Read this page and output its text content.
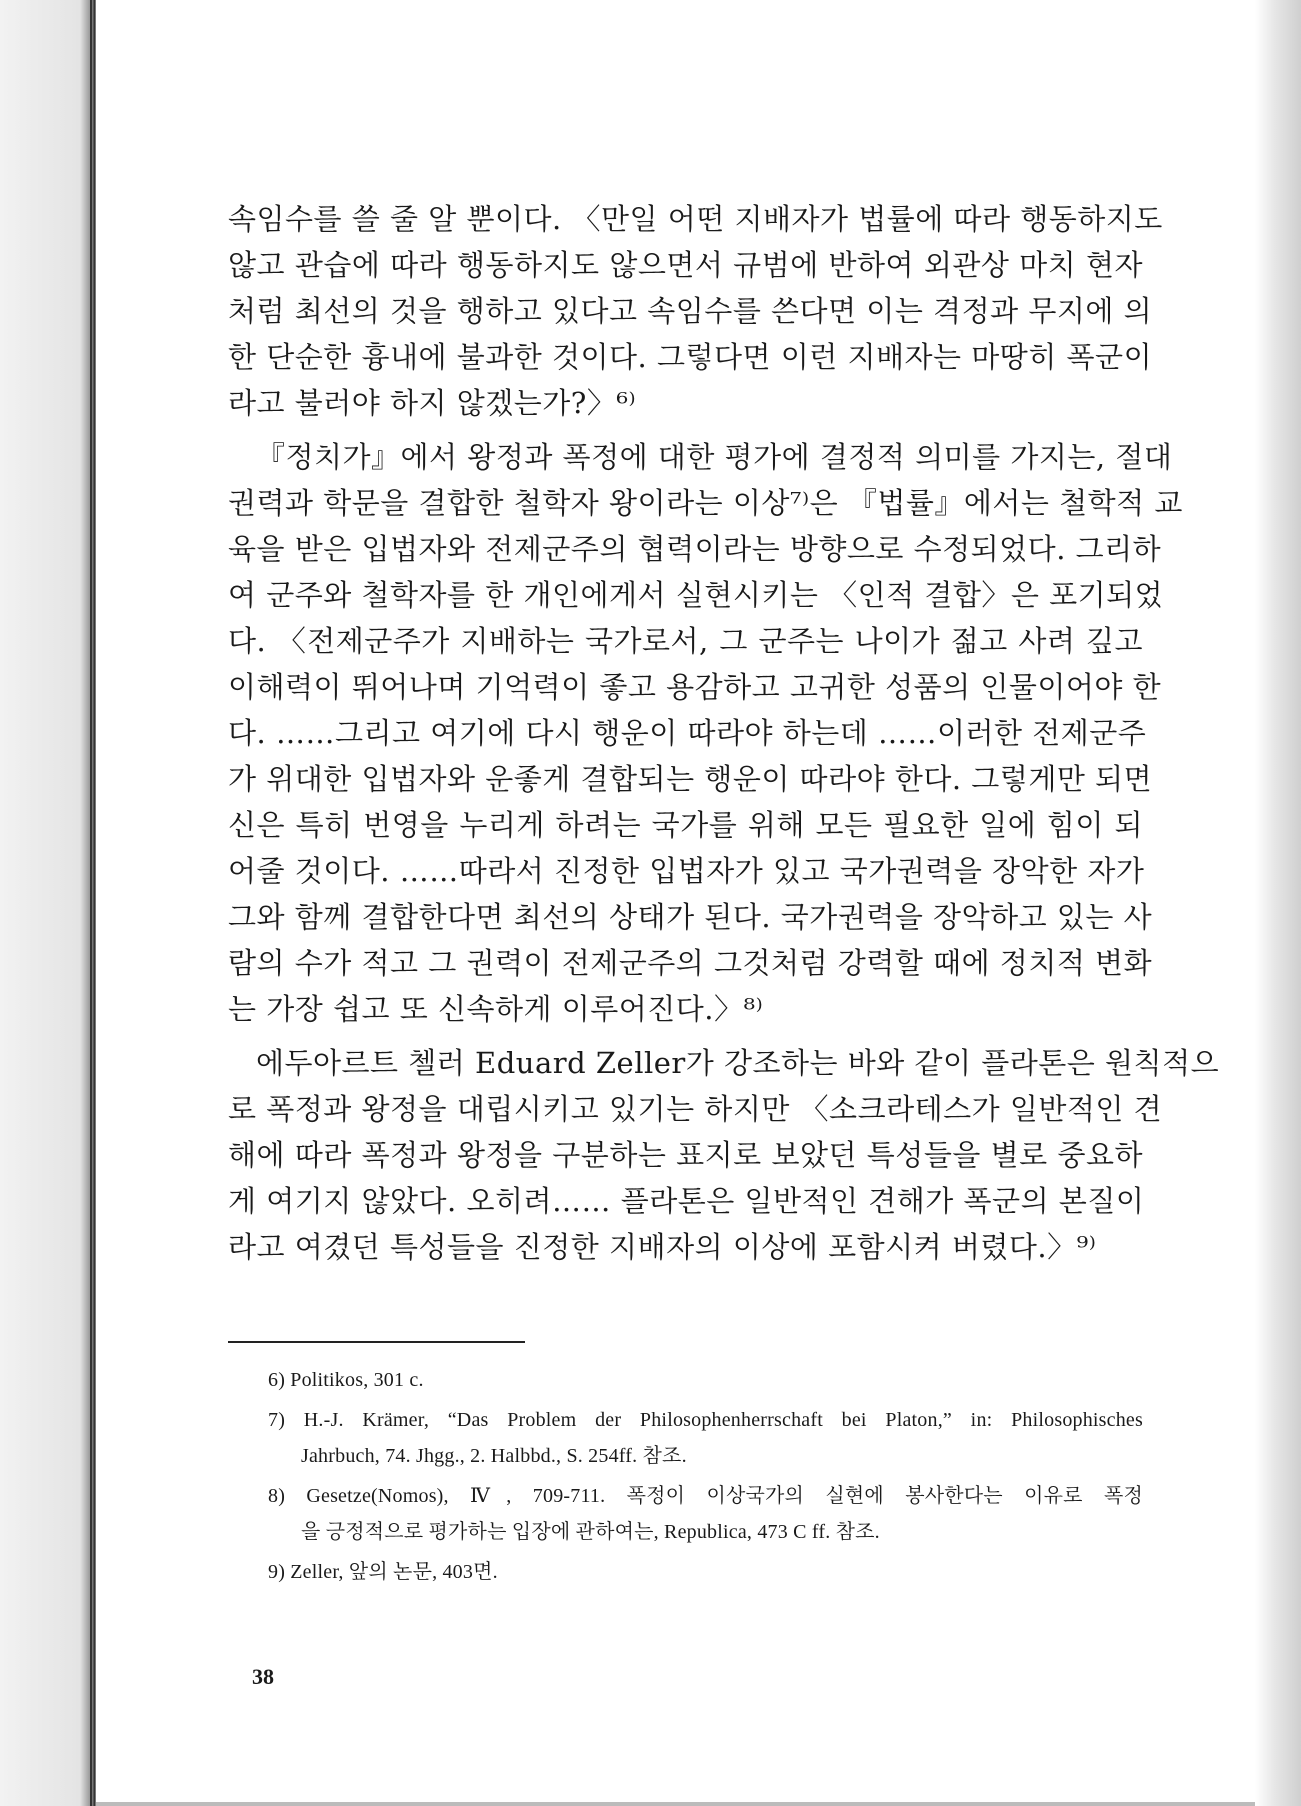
속임수를 쓸 줄 알 뿐이다. 〈만일 어떤 지배자가 법률에 따라 행동하지도
않고 관습에 따라 행동하지도 않으면서 규범에 반하여 외관상 마치 현자
처럼 최선의 것을 행하고 있다고 속임수를 쓴다면 이는 격정과 무지에 의
한 단순한 흉내에 불과한 것이다. 그렇다면 이런 지배자는 마땅히 폭군이
라고 불러야 하지 않겠는가?〉⁶⁾
『정치가』에서 왕정과 폭정에 대한 평가에 결정적 의미를 가지는, 절대
권력과 학문을 결합한 철학자 왕이라는 이상⁷⁾은 『법률』에서는 철학적 교
육을 받은 입법자와 전제군주의 협력이라는 방향으로 수정되었다. 그리하
여 군주와 철학자를 한 개인에게서 실현시키는 〈인적 결합〉은 포기되었
다. 〈전제군주가 지배하는 국가로서, 그 군주는 나이가 젊고 사려 깊고
이해력이 뛰어나며 기억력이 좋고 용감하고 고귀한 성품의 인물이어야 한
다. ……그리고 여기에 다시 행운이 따라야 하는데 ……이러한 전제군주
가 위대한 입법자와 운좋게 결합되는 행운이 따라야 한다. 그렇게만 되면
신은 특히 번영을 누리게 하려는 국가를 위해 모든 필요한 일에 힘이 되
어줄 것이다. ……따라서 진정한 입법자가 있고 국가권력을 장악한 자가
그와 함께 결합한다면 최선의 상태가 된다. 국가권력을 장악하고 있는 사
람의 수가 적고 그 권력이 전제군주의 그것처럼 강력할 때에 정치적 변화
는 가장 쉽고 또 신속하게 이루어진다.〉⁸⁾
에두아르트 첼러 Eduard Zeller가 강조하는 바와 같이 플라톤은 원칙적으
로 폭정과 왕정을 대립시키고 있기는 하지만 〈소크라테스가 일반적인 견
해에 따라 폭정과 왕정을 구분하는 표지로 보았던 특성들을 별로 중요하
게 여기지 않았다. 오히려…… 플라톤은 일반적인 견해가 폭군의 본질이
라고 여겼던 특성들을 진정한 지배자의 이상에 포함시켜 버렸다.〉⁹⁾
6) Politikos, 301 c.
7) H.-J. Krämer, “Das Problem der Philosophenherrschaft bei Platon,” in: Philosophisches
Jahrbuch, 74. Jhgg., 2. Halbbd., S. 254ff. 참조.
8) Gesetze(Nomos), Ⅳ, 709-711. 폭정이 이상국가의 실현에 봉사한다는 이유로 폭정
을 긍정적으로 평가하는 입장에 관하여는, Republica, 473 C ff. 참조.
9) Zeller, 앞의 논문, 403면.
38
